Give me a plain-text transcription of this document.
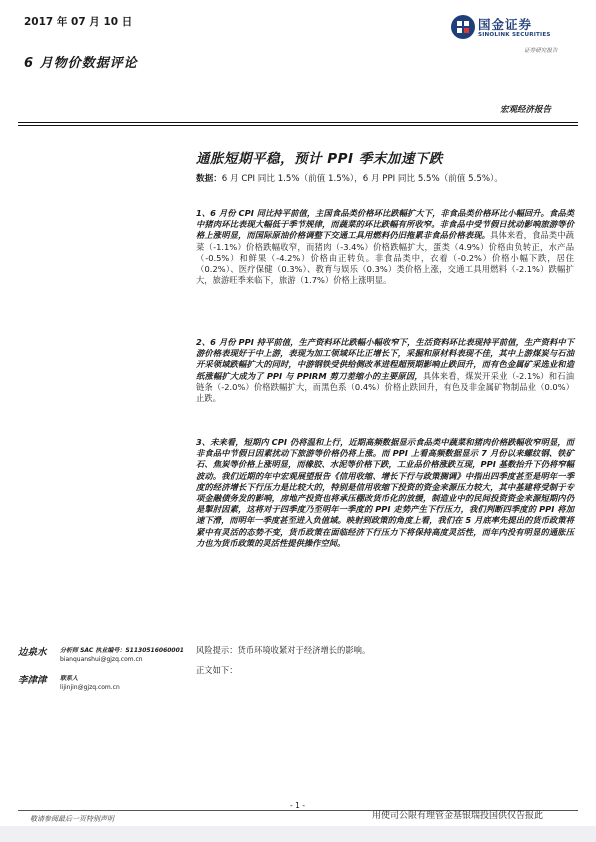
2017 年 07 月 10 日
6 月物价数据评论
国金证券
SINOLINK SECURITIES
证券研究报告
宏观经济报告
通胀短期平稳，预计 PPI 季末加速下跌
数据：6 月 CPI 同比 1.5%（前值 1.5%），6 月 PPI 同比 5.5%（前值 5.5%）。

1、6 月份 CPI 同比持平前值，主国食品类价格环比跌幅扩大下，非食品类价格环比小幅回升。食品类中猪肉环比表现大幅低于季节规律，而蔬菜的环比跌幅有所收窄。非食品中受节假日扰动影响旅游等价格上涨明显，而国际原油价格调整下交通工具用燃料仍旧拖累非食品价格表现。具体来看，食品类中蔬菜（-1.1%）价格跌幅收窄，而猪肉（-3.4%）价格跌幅扩大，蛋类（4.9%）价格由负转正，水产品（-0.5%）和鲜果（-4.2%）价格由正转负。非食品类中，衣着（-0.2%）价格小幅下跌，居住（0.2%）、医疗保健（0.3%）、教育与娱乐（0.3%）类价格上涨，交通工具用燃料（-2.1%）跌幅扩大，旅游旺季来临下，旅游（1.7%）价格上涨明显。

2、6 月份 PPI 持平前值，生产资料环比跌幅小幅收窄下，生活资料环比表现持平前值，生产资料中下游价格表现好于中上游，表现为加工领域环比正增长下，采掘和原材料表现不佳，其中上游煤炭与石油开采领域跌幅扩大的同时，中游钢铁受供给侧改革进程超预期影响止跌回升，而有色金属矿采选业和造纸涨幅扩大成为了 PPI 与 PPIRM 剪刀差缩小的主要原因，具体来看，煤炭开采业（-2.1%）和石油链条（-2.0%）价格跌幅扩大，而黑色系（0.4%）价格止跌回升，有色及非金属矿物制品业（0.0%）止跌。

3、未来看，短期内 CPI 仍将温和上行，近期高频数据显示食品类中蔬菜和猪肉价格跌幅收窄明显，而非食品中节假日因素扰动下旅游等价格仍将上涨。而 PPI 上看高频数据显示 7 月份以来螺纹钢、铁矿石、焦炭等价格上涨明显，而橡胶、水泥等价格下跌，工业品价格涨跌互现，PPI 基数抬升下仍将窄幅波动。我们近期的年中宏观展望报告《信用收缩、增长下行与政策搁调》中指出四季度甚至是明年一季度的经济增长下行压力是比较大的，特别是信用收缩下投资的资金来源压力较大，其中基建将受制于专项金融债务发的影响，房地产投资也将承压棚改货币化的放缓，制造业中的民间投资资金来源短期内仍是掣肘因素，这将对于四季度乃至明年一季度的 PPI 走势产生下行压力，我们判断四季度的 PPI 将加速下滑，而明年一季度甚至进入负值域。映射到政策的角度上看，我们在 5 月底率先提出的货币政策将紧中有灵活的态势不变，货币政策在面临经济下行压力下将保持高度灵活性，而年内没有明显的通胀压力也为货币政策的灵活性提供操作空间。

边泉水 分析师 SAC 执业编号：S1130516060001
bianquanshui@gjzq.com.cn
李津津 联系人
lijinjin@gjzq.com.cn
风险提示：货币环境收紧对于经济增长的影响。
正文如下：
- 1 -
敬请参阅最后一页特别声明	用使司公限有理管金基银瑞投国供仅告报此
